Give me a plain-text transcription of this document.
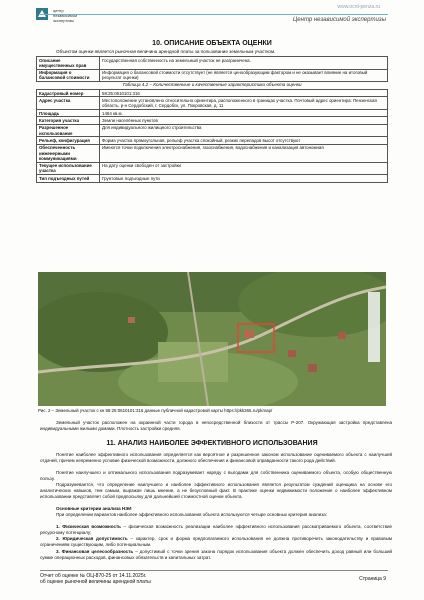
центр
независимой
экспертизы
www.ocnt-penza.ru
Центр независимой экспертизы
10. ОПИСАНИЕ ОБЪЕКТА ОЦЕНКИ
Объектом оценки является рыночная величина арендной платы за пользование земельным участком.
Описание имущественных прав	Государственная собственность на земельный участок не разграничена.
Информация о балансовой стоимости	Информация о балансовой стоимости отсутствует (не является ценообразующим фактором и не оказывает влияние на итоговый результат оценки)
Таблица 4.2 – Количественные и качественные характеристики объекта оценки
Кадастровый номер	58:25:0610101:316
Адрес участка	Местоположение установлено относительно ориентира, расположенного в границах участка. Почтовый адрес ориентира: Пензенская область, р-н Сердобский, г. Сердобск, ул. Покровская, д. 11
Площадь	1464 кв.м.
Категория участка	Земли населённых пунктов
Разрешенное использование	Для индивидуального жилищного строительства
Рельеф, конфигурация	Форма участка прямоугольная, рельеф участка спокойный, резких перепадов высот отсутствуют
Обеспеченность инженерными коммуникациями	Имеются точки подключения электроснабжения, газоснабжения, водоснабжения и канализация автономная
Текущее использование участка	На дату оценки свободен от застройки
Тип подъездных путей	Грунтовые подъездные пути
Рис. 2 – Земельный участок с кн 58:25:0610101:316 данные публичной кадастровой карты https://pkk365.ru/pkmap/
Земельный участок расположен на окраинной части города в непосредственной близости от трассы Р-207. Окружающая застройка представлена индивидуальными жилыми домами. Плотность застройки средняя.
11. АНАЛИЗ НАИБОЛЕЕ ЭФФЕКТИВНОГО ИСПОЛЬЗОВАНИЯ
Понятие наиболее эффективного использования определяется как вероятное и разрешенное законом использование оцениваемого объекта с наилучшей отдачей, причем непременно условие физической возможности, должного обеспечения и финансовой оправданности такого рода действий.
Понятие наилучшего и оптимального использования подразумевает наряду с выгодами для собственника оцениваемого объекта, особую общественную пользу.
Подразумевается, что определение наилучшего и наиболее эффективного использования является результатом суждений оценщика на основе его аналитических навыков, тем самым, выражая лишь мнение, а не безусловный факт. В практике оценки недвижимости положение о наиболее эффективном использовании представляет собой предпосылку для дальнейшей стоимостной оценки объекта.
Основные критерии анализа НЭИ
При определении вариантов наиболее эффективного использования объекта используются четыре основных критерия анализа:
1. Физическая возможность – физическая возможность реализации наиболее эффективного использования рассматриваемого объекта, соответствие ресурсному потенциалу;
2. Юридическая допустимость – характер, срок и форма предполагаемого использования не должна противоречить законодательству и правовым ограничениям существующим, либо потенциальным.
3. Финансовая целесообразность – допустимый с точки зрения закона порядок использования объекта должен обеспечить доход равный или больший сумме операционных расходов, финансовых обязательств и капитальных затрат.
Отчет об оценке № ОЦ-870-25 от 14.11.2025г.
об оценке рыночной величины арендной платы	Страница 9
